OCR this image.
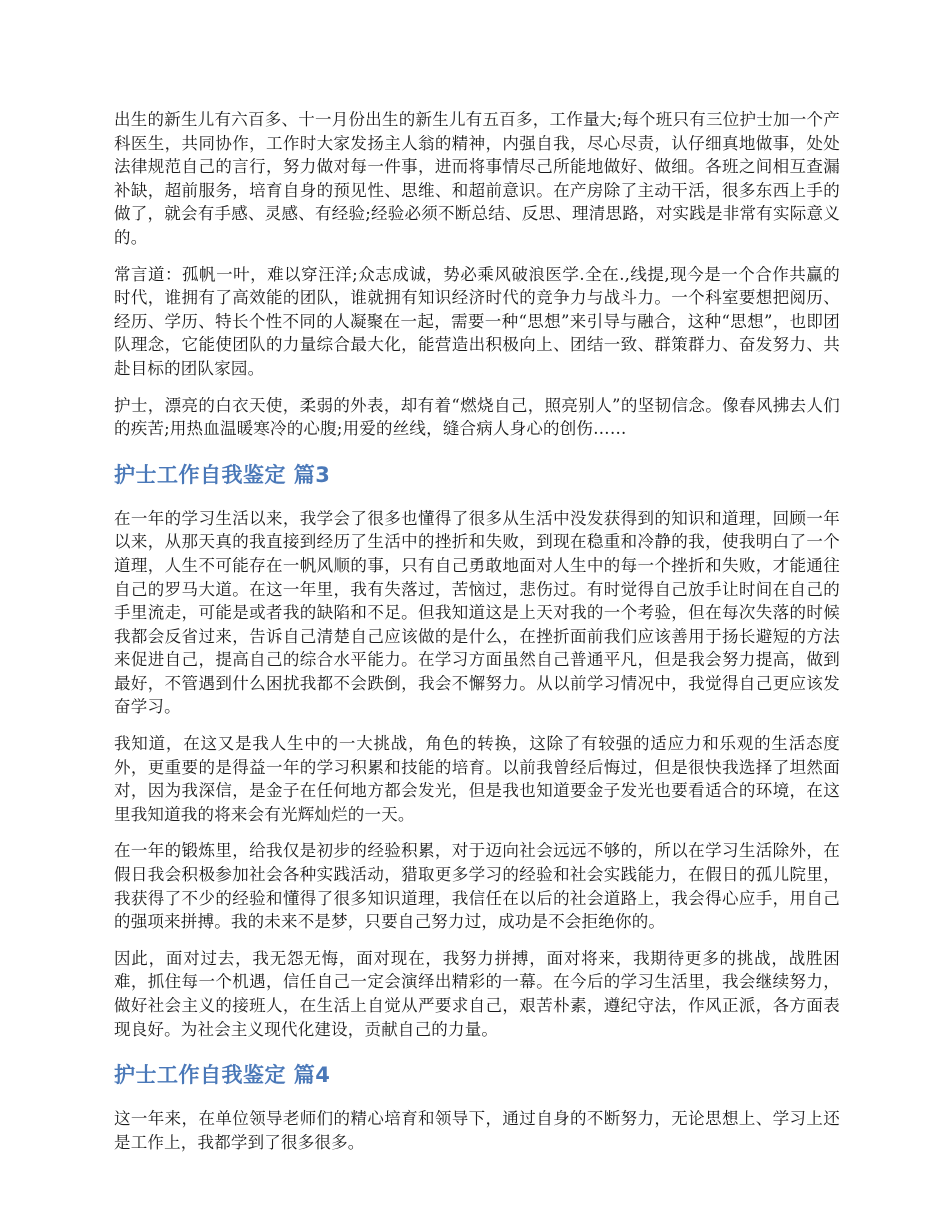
出生的新生儿有六百多、十一月份出生的新生儿有五百多，工作量大;每个班只有三位护士加一个产科医生，共同协作，工作时大家发扬主人翁的精神，内强自我，尽心尽责，认仔细真地做事，处处法律规范自己的言行，努力做对每一件事，进而将事情尽己所能地做好、做细。各班之间相互查漏补缺，超前服务，培育自身的预见性、思维、和超前意识。在产房除了主动干活，很多东西上手的做了，就会有手感、灵感、有经验;经验必须不断总结、反思、理清思路，对实践是非常有实际意义的。

常言道：孤帆一叶，难以穿汪洋;众志成诚，势必乘风破浪医学.全在.,线提,现今是一个合作共赢的时代，谁拥有了高效能的团队，谁就拥有知识经济时代的竞争力与战斗力。一个科室要想把阅历、经历、学历、特长个性不同的人凝聚在一起，需要一种“思想”来引导与融合，这种“思想”，也即团队理念，它能使团队的力量综合最大化，能营造出积极向上、团结一致、群策群力、奋发努力、共赴目标的团队家园。

护士，漂亮的白衣天使，柔弱的外表，却有着“燃烧自己，照亮别人”的坚韧信念。像春风拂去人们的疾苦;用热血温暖寒冷的心腹;用爱的丝线，缝合病人身心的创伤……

护士工作自我鉴定 篇3

在一年的学习生活以来，我学会了很多也懂得了很多从生活中没发获得到的知识和道理，回顾一年以来，从那天真的我直接到经历了生活中的挫折和失败，到现在稳重和冷静的我，使我明白了一个道理，人生不可能存在一帆风顺的事，只有自己勇敢地面对人生中的每一个挫折和失败，才能通往自己的罗马大道。在这一年里，我有失落过，苦恼过，悲伤过。有时觉得自己放手让时间在自己的手里流走，可能是或者我的缺陷和不足。但我知道这是上天对我的一个考验，但在每次失落的时候我都会反省过来，告诉自己清楚自己应该做的是什么，在挫折面前我们应该善用于扬长避短的方法来促进自己，提高自己的综合水平能力。在学习方面虽然自己普通平凡，但是我会努力提高，做到最好，不管遇到什么困扰我都不会跌倒，我会不懈努力。从以前学习情况中，我觉得自己更应该发奋学习。

我知道，在这又是我人生中的一大挑战，角色的转换，这除了有较强的适应力和乐观的生活态度外，更重要的是得益一年的学习积累和技能的培育。以前我曾经后悔过，但是很快我选择了坦然面对，因为我深信，是金子在任何地方都会发光，但是我也知道要金子发光也要看适合的环境，在这里我知道我的将来会有光辉灿烂的一天。

在一年的锻炼里，给我仅是初步的经验积累，对于迈向社会远远不够的，所以在学习生活除外，在假日我会积极参加社会各种实践活动，猎取更多学习的经验和社会实践能力，在假日的孤儿院里，我获得了不少的经验和懂得了很多知识道理，我信任在以后的社会道路上，我会得心应手，用自己的强项来拼搏。我的未来不是梦，只要自己努力过，成功是不会拒绝你的。

因此，面对过去，我无怨无悔，面对现在，我努力拼搏，面对将来，我期待更多的挑战，战胜困难，抓住每一个机遇，信任自己一定会演绎出精彩的一幕。在今后的学习生活里，我会继续努力，做好社会主义的接班人，在生活上自觉从严要求自己，艰苦朴素，遵纪守法，作风正派，各方面表现良好。为社会主义现代化建设，贡献自己的力量。

护士工作自我鉴定 篇4

这一年来，在单位领导老师们的精心培育和领导下，通过自身的不断努力，无论思想上、学习上还是工作上，我都学到了很多很多。
